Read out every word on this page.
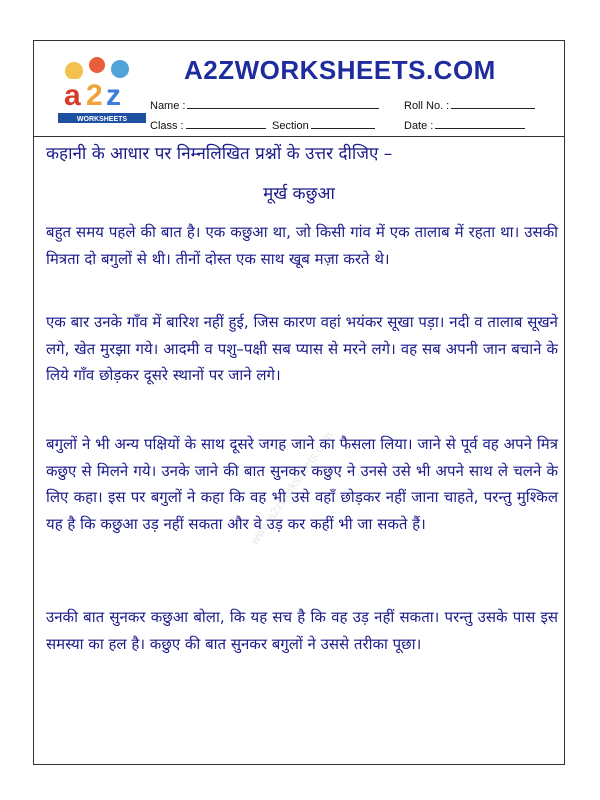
a 2 z
WORKSHEETS
A2ZWORKSHEETS.COM
Name :	Roll No. :
Class :	Section	Date :
कहानी के आधार पर निम्नलिखित प्रश्नों के उत्तर दीजिए –
मूर्ख कछुआ

बहुत समय पहले की बात है। एक कछुआ था, जो किसी गांव में एक तालाब में रहता था। उसकी मित्रता दो बगुलों से थी। तीनों दोस्त एक साथ खूब मज़ा करते थे।

एक बार उनके गाँव में बारिश नहीं हुई, जिस कारण वहां भयंकर सूखा पड़ा। नदी व तालाब सूखने लगे, खेत मुरझा गये। आदमी व पशु–पक्षी सब प्यास से मरने लगे। वह सब अपनी जान बचाने के लिये गाँव छोड़कर दूसरे स्थानों पर जाने लगे।

बगुलों ने भी अन्य पक्षियों के साथ दूसरे जगह जाने का फैसला लिया। जाने से पूर्व वह अपने मित्र कछुए से मिलने गये। उनके जाने की बात सुनकर कछुए ने उनसे उसे भी अपने साथ ले चलने के लिए कहा। इस पर बगुलों ने कहा कि वह भी उसे वहाँ छोड़कर नहीं जाना चाहते, परन्तु मुश्किल यह है कि कछुआ उड़ नहीं सकता और वे उड़ कर कहीं भी जा सकते हैं।

उनकी बात सुनकर कछुआ बोला, कि यह सच है कि वह उड़ नहीं सकता। परन्तु उसके पास इस समस्या का हल है। कछुए की बात सुनकर बगुलों ने उससे तरीका पूछा।

www.a2zworksheets.com
